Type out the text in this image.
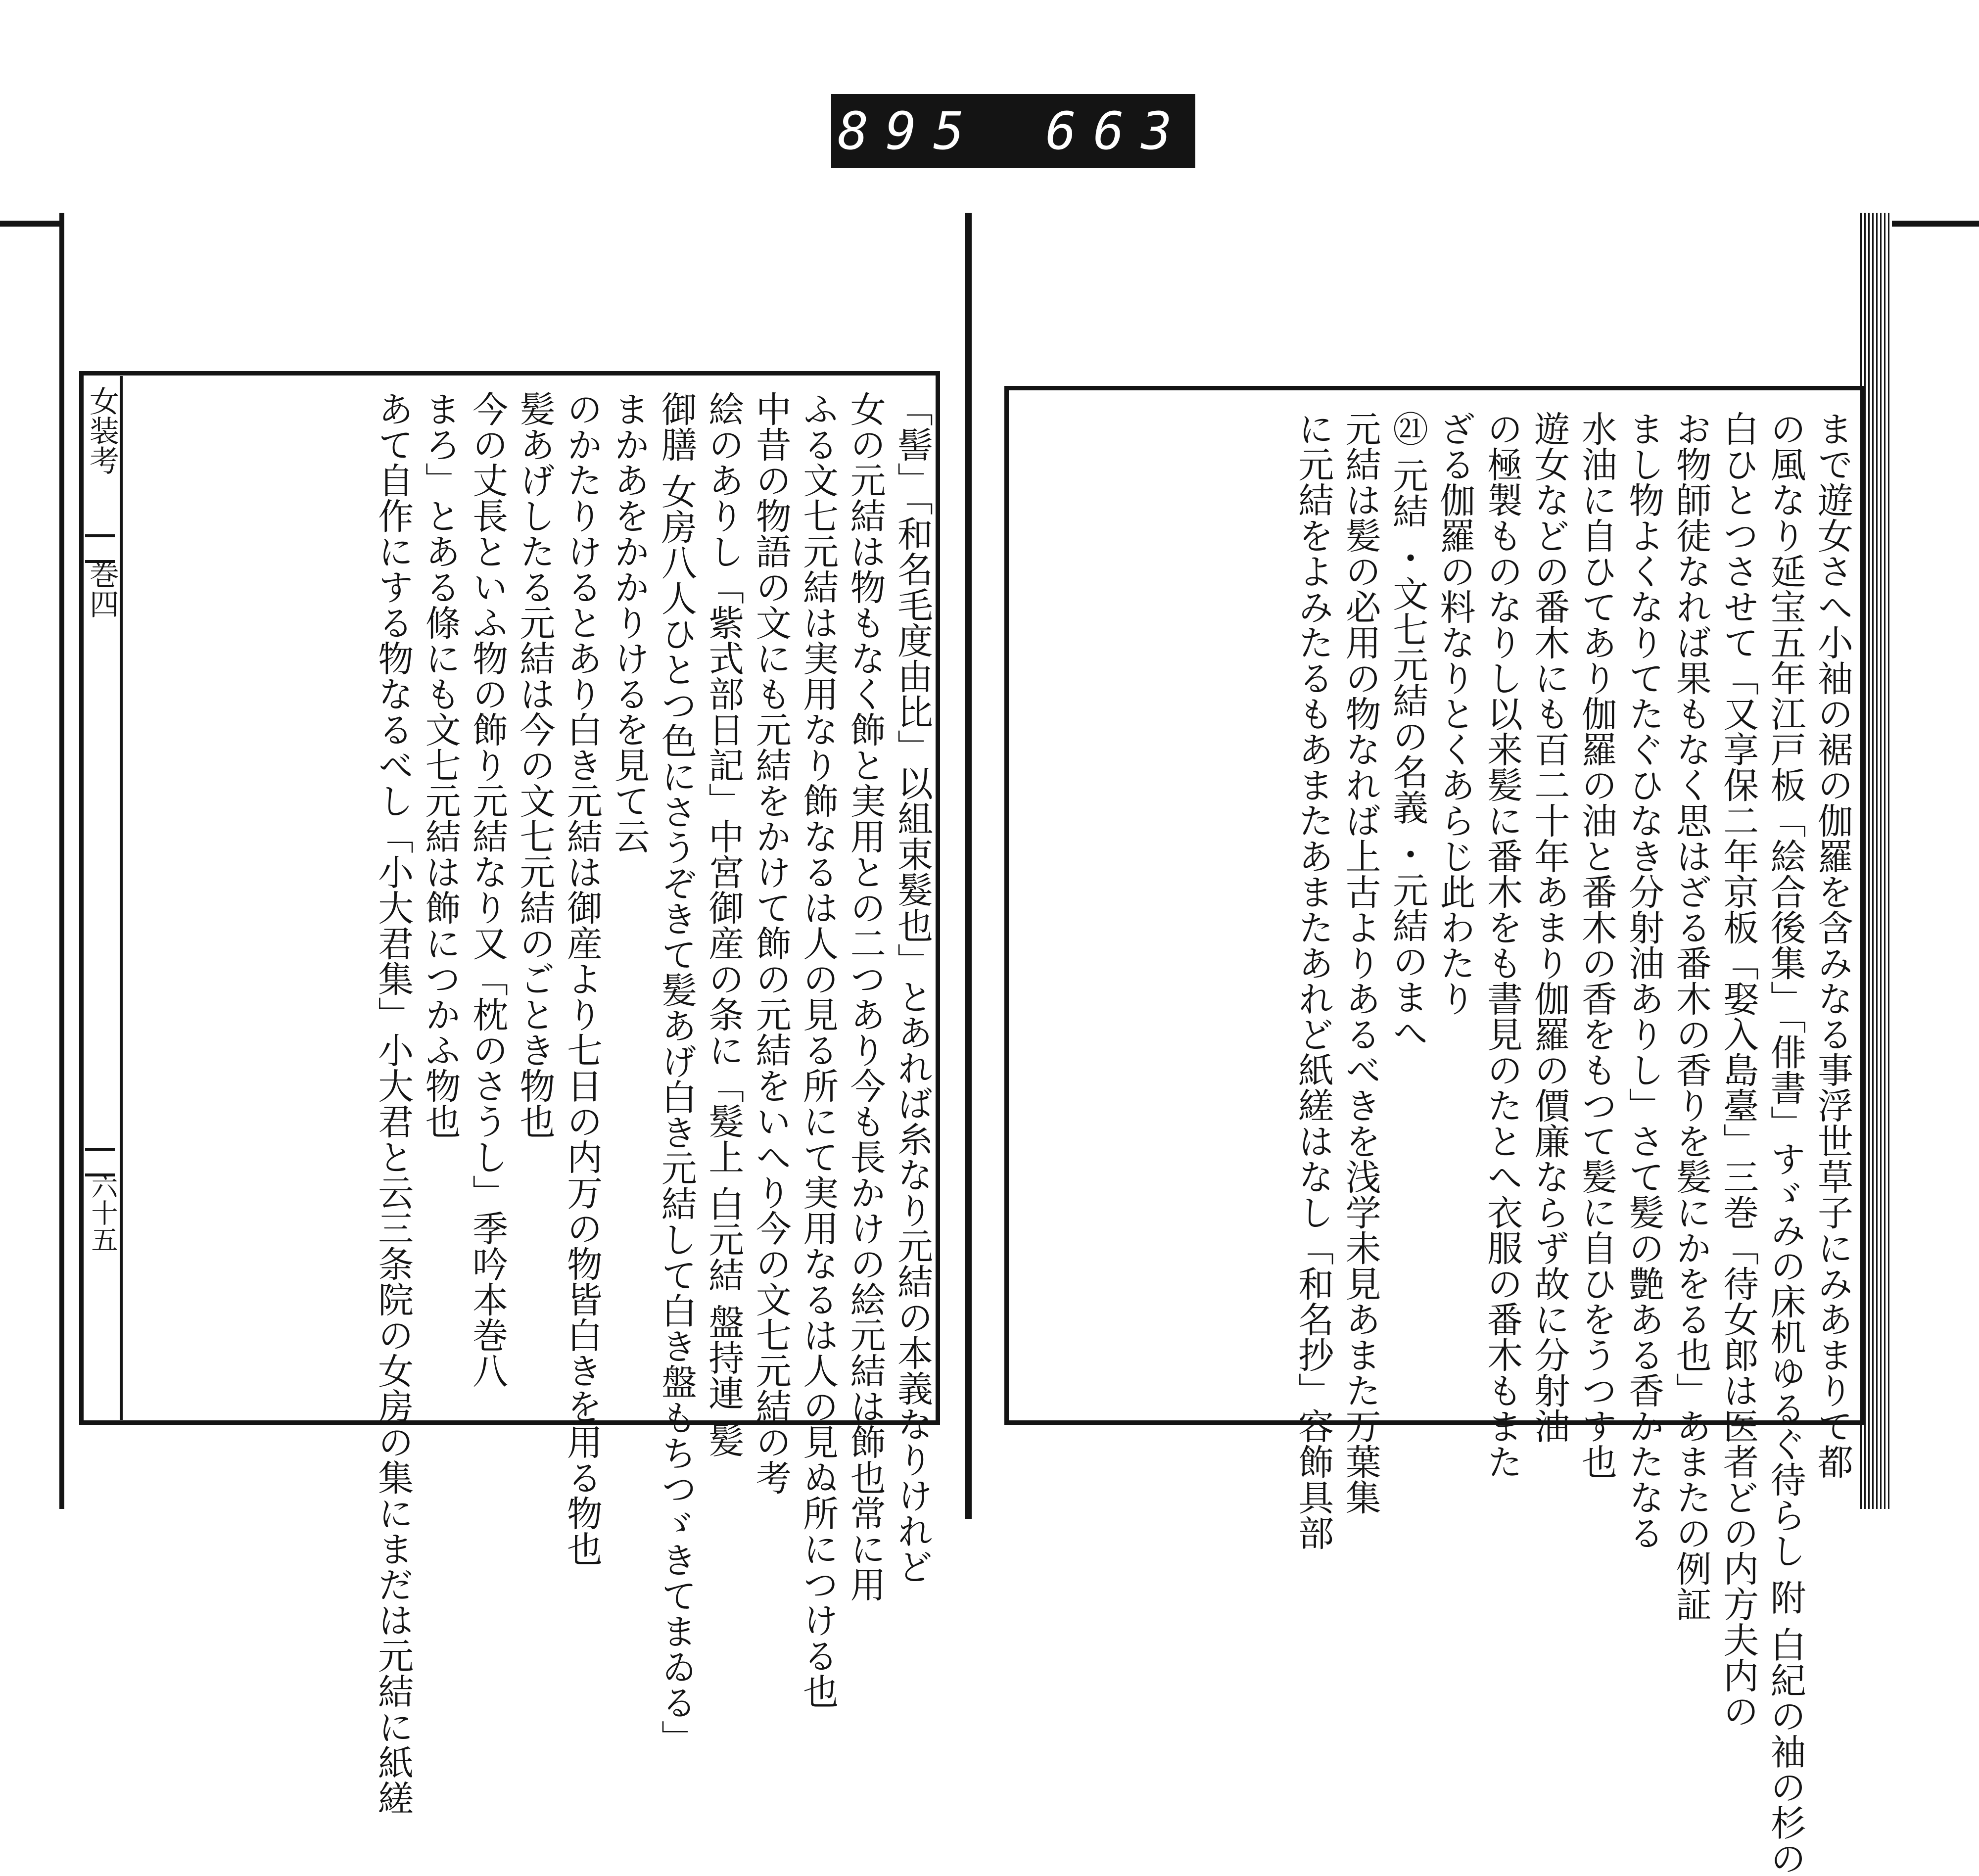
895 663
女装考
巻四
六十五	まで遊女さへ小袖の裾の伽羅を含みなる事浮世草子にみあまりて都
の風なり延宝五年江戸板「絵合後集」「俳書」すゞみの床机ゆるぐ待らし 附 白紀の袖の杉の
白ひとつさせて「又享保二年京板「娶入島臺」三巻「待女郎は医者どの内方夫内の
お物師徒なれば果もなく思はざる番木の香りを髪にかをる也」あまたの例証
まし物よくなりてたぐひなき分射油ありし」さて髪の艶ある香かたなる
水油に自ひてあり伽羅の油と番木の香をもつて髪に自ひをうつす也
遊女などの番木にも百二十年あまり伽羅の價廉ならず故に分射油
の極製ものなりし以来髪に番木をも書見のたとへ衣服の番木もまた
ざる伽羅の料なりとくあらじ此わたり
㉑ 元結 ・文七元結の名義 ・元結のまへ
元結は髪の必用の物なれば上古よりあるべきを浅学未見あまた万葉集
に元結をよみたるもあまたあまたあれど紙縒はなし「和名抄」容飾具部
「髻」「和名毛度由比」以組束髮也」とあれば糸なり元結の本義なりけれど
女の元結は物もなく飾と実用との二つあり今も長かけの絵元結は飾也常に用
ふる文七元結は実用なり飾なるは人の見る所にて実用なるは人の見ぬ所につける也
中昔の物語の文にも元結をかけて飾の元結をいへり今の文七元結の考
絵のありし「紫式部日記」中宮御産の条に「髮上 白元結 盤持連 髪
御膳 女房八人ひとつ色にさうぞきて髪あげ白き元結して白き盤もちつゞきてまゐる」
まかあをかかりけるを見て云
のかたりけるとあり白き元結は御産より七日の内万の物皆白きを用る物也
髪あげしたる元結は今の文七元結のごとき物也
今の丈長といふ物の飾り元結なり又「枕のさうし」季吟本巻八
まろ」とある條にも文七元結は飾につかふ物也
あて自作にする物なるべし「小大君集」小大君と云三条院の女房の集にまだは元結に紙縒
